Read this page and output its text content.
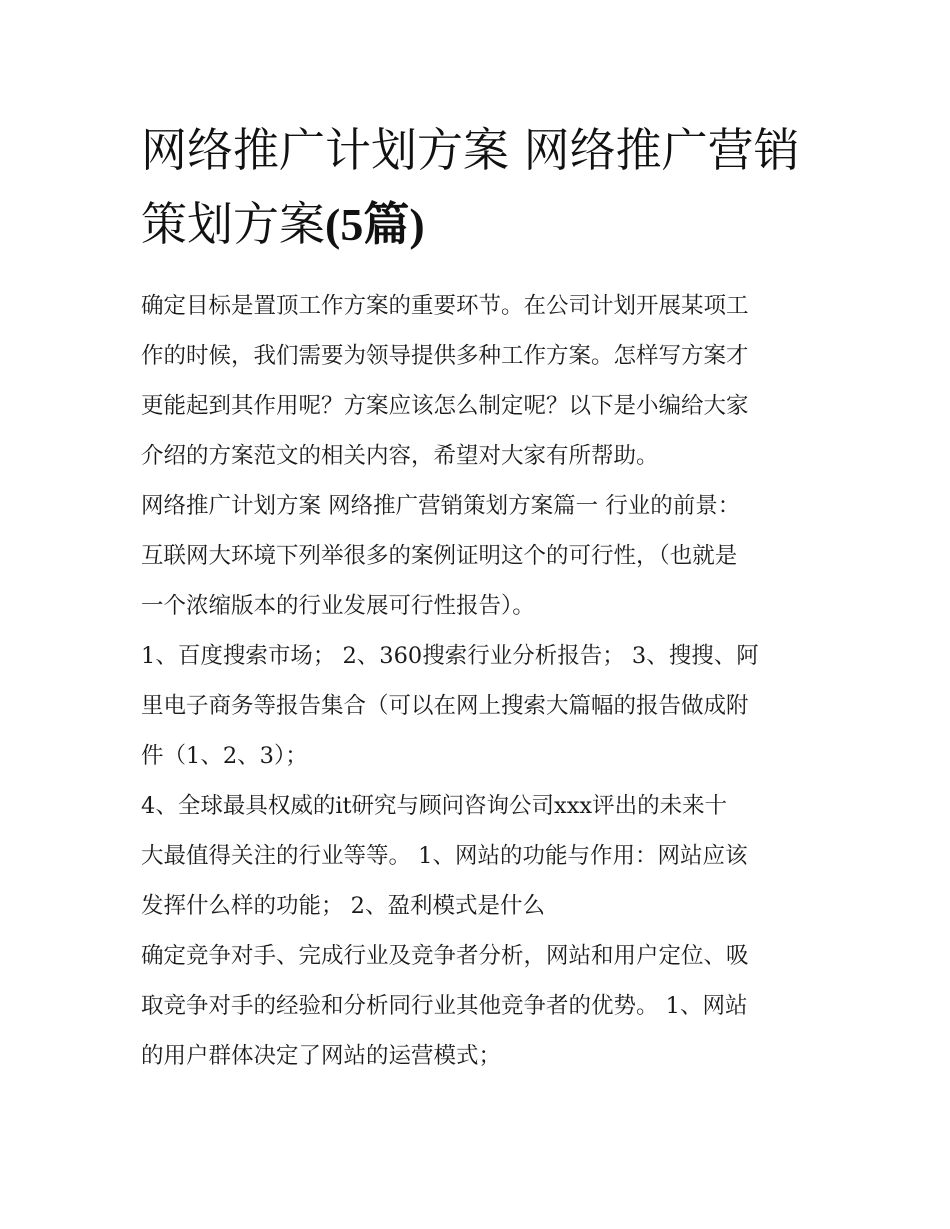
网络推广计划方案 网络推广营销策划方案(5篇)
确定目标是置顶工作方案的重要环节。在公司计划开展某项工
作的时候，我们需要为领导提供多种工作方案。怎样写方案才
更能起到其作用呢？方案应该怎么制定呢？以下是小编给大家
介绍的方案范文的相关内容，希望对大家有所帮助。
网络推广计划方案 网络推广营销策划方案篇一 行业的前景：
互联网大环境下列举很多的案例证明这个的可行性，（也就是
一个浓缩版本的行业发展可行性报告）。
1、百度搜索市场； 2、360搜索行业分析报告； 3、搜搜、阿
里电子商务等报告集合（可以在网上搜索大篇幅的报告做成附
件（1、2、3）；
4、全球最具权威的it研究与顾问咨询公司xxx评出的未来十
大最值得关注的行业等等。 1、网站的功能与作用：网站应该
发挥什么样的功能； 2、盈利模式是什么
确定竞争对手、完成行业及竞争者分析，网站和用户定位、吸
取竞争对手的经验和分析同行业其他竞争者的优势。 1、网站
的用户群体决定了网站的运营模式；
